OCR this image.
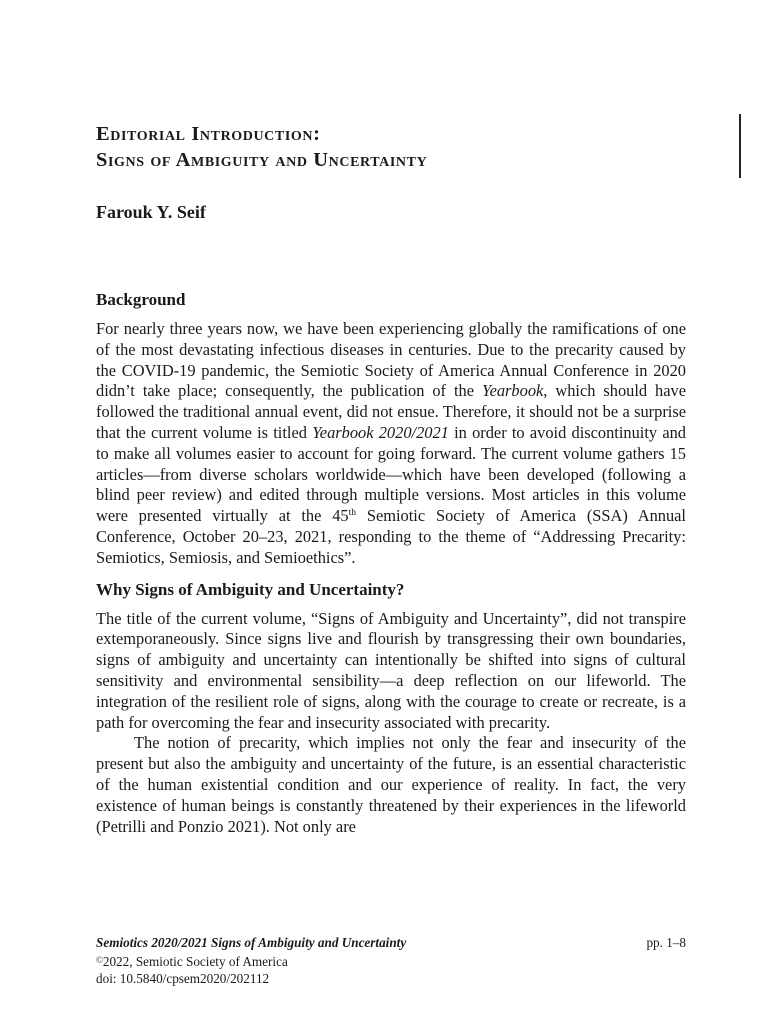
Editorial Introduction:

Signs of Ambiguity and Uncertainty

Farouk Y. Seif

Background

For nearly three years now, we have been experiencing globally the ramifications of one of the most devastating infectious diseases in centuries. Due to the precarity caused by the COVID-19 pandemic, the Semiotic Society of America Annual Conference in 2020 didn’t take place; consequently, the publication of the Yearbook, which should have followed the traditional annual event, did not ensue. Therefore, it should not be a surprise that the current volume is titled Yearbook 2020/2021 in order to avoid discontinuity and to make all volumes easier to account for going forward. The current volume gathers 15 articles—from diverse scholars worldwide—which have been developed (following a blind peer review) and edited through multiple versions. Most articles in this volume were presented virtually at the 45th Semiotic Society of America (SSA) Annual Conference, October 20–23, 2021, responding to the theme of “Addressing Precarity: Semiotics, Semiosis, and Semioethics”.

Why Signs of Ambiguity and Uncertainty?

The title of the current volume, “Signs of Ambiguity and Uncertainty”, did not transpire extemporaneously. Since signs live and flourish by transgressing their own boundaries, signs of ambiguity and uncertainty can intentionally be shifted into signs of cultural sensitivity and environmental sensibility—a deep reflection on our lifeworld. The integration of the resilient role of signs, along with the courage to create or recreate, is a path for overcoming the fear and insecurity associated with precarity.

The notion of precarity, which implies not only the fear and insecurity of the present but also the ambiguity and uncertainty of the future, is an essential characteristic of the human existential condition and our experience of reality. In fact, the very existence of human beings is constantly threatened by their experiences in the lifeworld (Petrilli and Ponzio 2021). Not only are

Semiotics 2020/2021 Signs of Ambiguity and Uncertainty	pp. 1–8
©2022, Semiotic Society of America
doi: 10.5840/cpsem2020/202112
